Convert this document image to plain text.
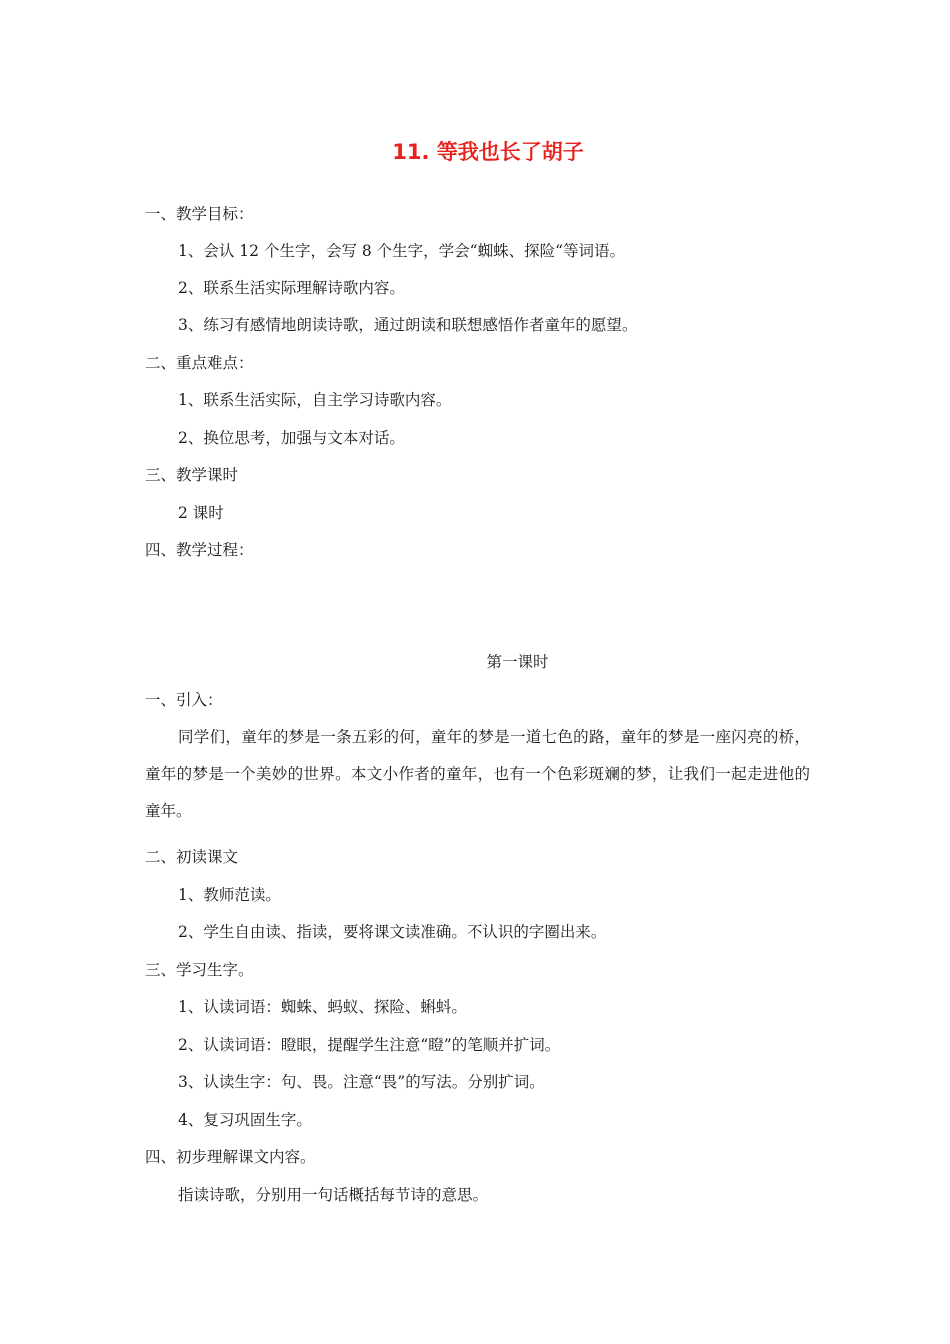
11. 等我也长了胡子

一、教学目标：

1、会认 12 个生字，会写 8 个生字，学会“蜘蛛、探险“等词语。

2、联系生活实际理解诗歌内容。

3、练习有感情地朗读诗歌，通过朗读和联想感悟作者童年的愿望。

二、重点难点：

1、联系生活实际，自主学习诗歌内容。

2、换位思考，加强与文本对话。

三、教学课时

2 课时

四、教学过程：

第一课时

一、引入：

同学们，童年的梦是一条五彩的何，童年的梦是一道七色的路，童年的梦是一座闪亮的桥，童年的梦是一个美妙的世界。本文小作者的童年，也有一个色彩斑斓的梦，让我们一起走进他的童年。

二、初读课文

1、教师范读。

2、学生自由读、指读，要将课文读准确。不认识的字圈出来。

三、学习生字。

1、认读词语：蜘蛛、蚂蚁、探险、蝌蚪。

2、认读词语：瞪眼，提醒学生注意“瞪”的笔顺并扩词。

3、认读生字：句、畏。注意“畏”的写法。分别扩词。

4、复习巩固生字。

四、初步理解课文内容。

指读诗歌，分别用一句话概括每节诗的意思。
